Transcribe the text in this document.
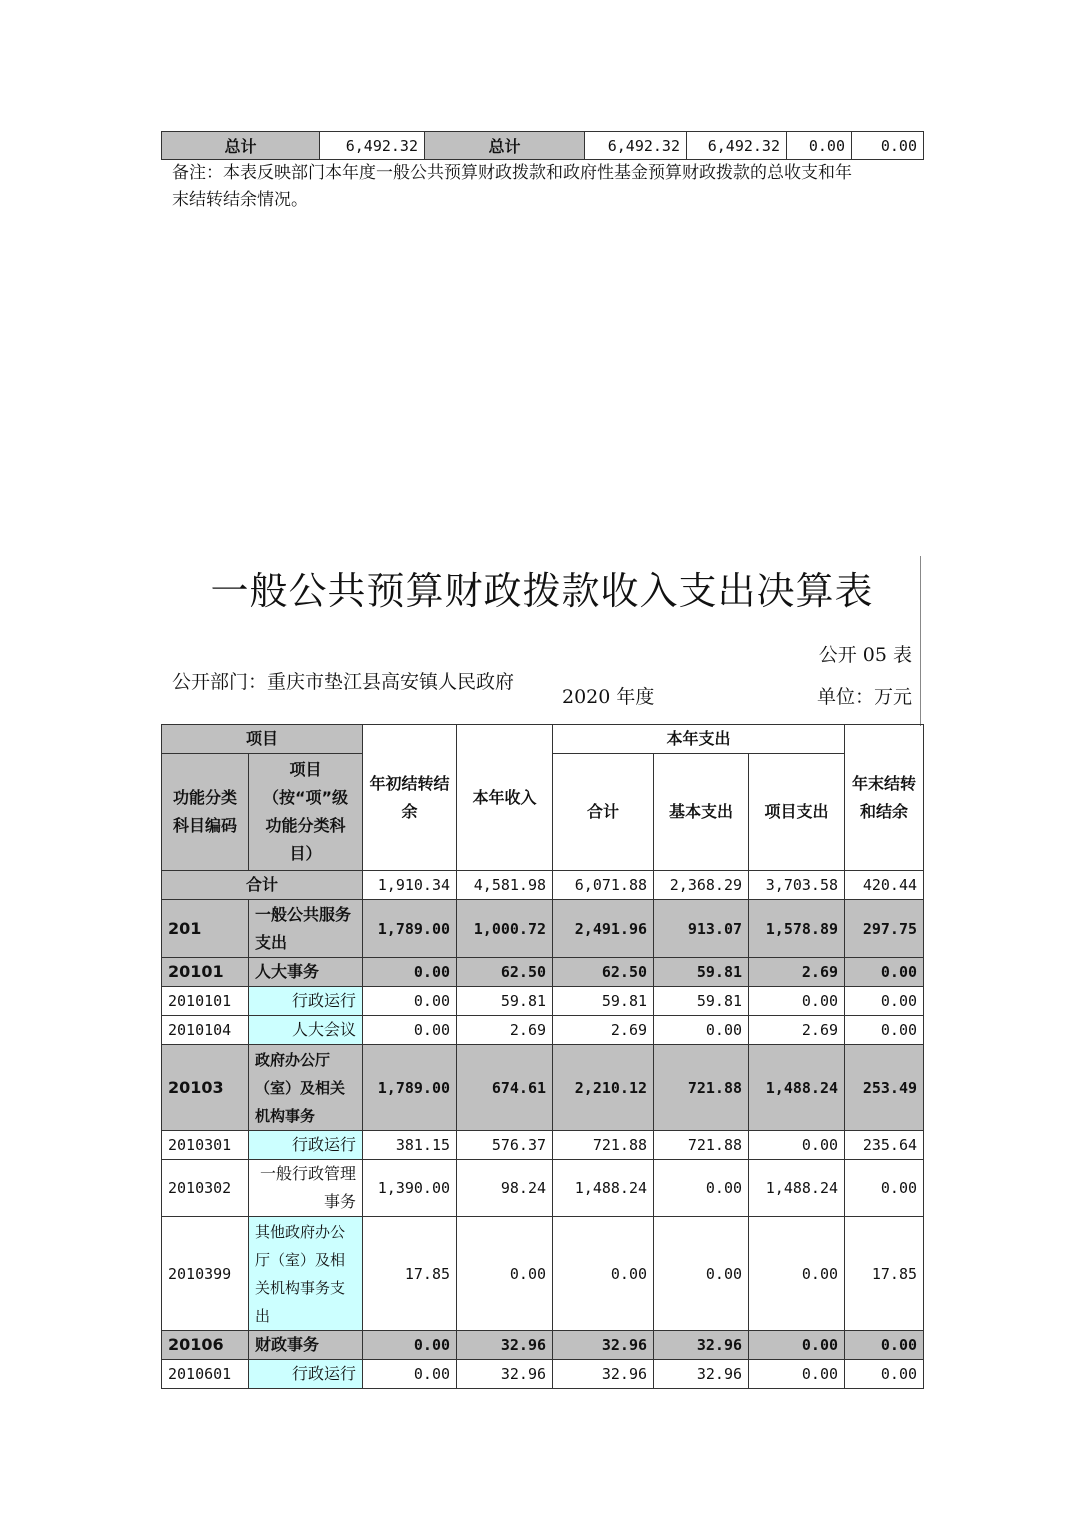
总计	6,492.32	总计	6,492.32	6,492.32	0.00	0.00
备注：本表反映部门本年度一般公共预算财政拨款和政府性基金预算财政拨款的总收支和年末结转结余情况。
一般公共预算财政拨款收入支出决算表
公开 05 表
公开部门：重庆市垫江县高安镇人民政府
2020 年度	单位：万元
项目		年初结转结余	本年收入	本年支出			年末结转和结余
功能分类科目编码	项目（按“项”级功能分类科目）			合计	基本支出	项目支出	
合计		1,910.34	4,581.98	6,071.88	2,368.29	3,703.58	420.44
201	一般公共服务支出	1,789.00	1,000.72	2,491.96	913.07	1,578.89	297.75
20101	人大事务	0.00	62.50	62.50	59.81	2.69	0.00
2010101	行政运行	0.00	59.81	59.81	59.81	0.00	0.00
2010104	人大会议	0.00	2.69	2.69	0.00	2.69	0.00
20103	政府办公厅（室）及相关机构事务	1,789.00	674.61	2,210.12	721.88	1,488.24	253.49
2010301	行政运行	381.15	576.37	721.88	721.88	0.00	235.64
2010302	一般行政管理事务	1,390.00	98.24	1,488.24	0.00	1,488.24	0.00
2010399	其他政府办公厅（室）及相关机构事务支出	17.85	0.00	0.00	0.00	0.00	17.85
20106	财政事务	0.00	32.96	32.96	32.96	0.00	0.00
2010601	行政运行	0.00	32.96	32.96	32.96	0.00	0.00
